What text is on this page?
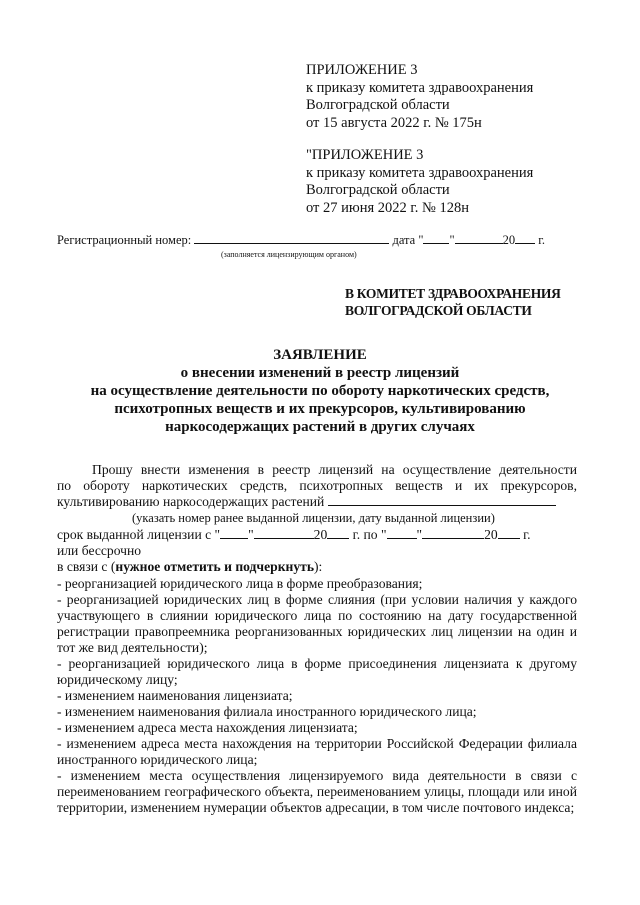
ПРИЛОЖЕНИЕ 3
к приказу комитета здравоохранения
Волгоградской области
от 15 августа 2022 г. № 175н
"ПРИЛОЖЕНИЕ 3
к приказу комитета здравоохранения
Волгоградской области
от 27 июня 2022 г. № 128н
Регистрационный номер:	дата " "	20 г.
(заполняется лицензирующим органом)
В КОМИТЕТ ЗДРАВООХРАНЕНИЯ
ВОЛГОГРАДСКОЙ ОБЛАСТИ
ЗАЯВЛЕНИЕ
о внесении изменений в реестр лицензий
на осуществление деятельности по обороту наркотических средств,
психотропных веществ и их прекурсоров, культивированию
наркосодержащих растений в других случаях
Прошу внести изменения в реестр лицензий на осуществление деятельности
по обороту наркотических средств, психотропных веществ и их прекурсоров,
культивированию наркосодержащих растений
(указать номер ранее выданной лицензии, дату выданной лицензии)
срок выданной лицензии с " "	20 г. по " "	20 г.
или бессрочно
в связи с (нужное отметить и подчеркнуть):
- реорганизацией юридического лица в форме преобразования;
- реорганизацией юридических лиц в форме слияния (при условии наличия у каждого участвующего в слиянии юридического лица по состоянию на дату государственной регистрации правопреемника реорганизованных юридических лиц лицензии на один и тот же вид деятельности);
- реорганизацией юридического лица в форме присоединения лицензиата к другому юридическому лицу;
- изменением наименования лицензиата;
- изменением наименования филиала иностранного юридического лица;
- изменением адреса места нахождения лицензиата;
- изменением адреса места нахождения на территории Российской Федерации филиала иностранного юридического лица;
- изменением места осуществления лицензируемого вида деятельности в связи с переименованием географического объекта, переименованием улицы, площади или иной территории, изменением нумерации объектов адресации, в том числе почтового индекса;
